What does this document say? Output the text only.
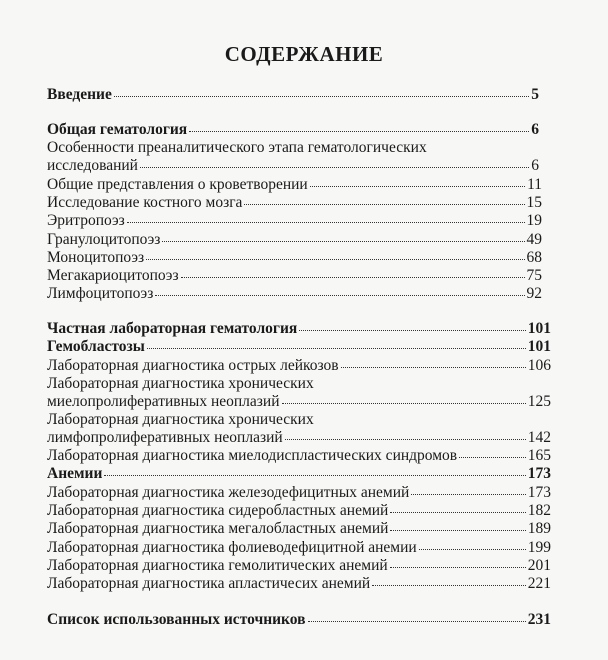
СОДЕРЖАНИЕ
Введение	5
Общая гематология	6
Особенности преаналитического этапа гематологических
исследований	6
Общие представления о кроветворении	11
Исследование костного мозга	15
Эритропоэз	19
Гранулоцитопоэз	49
Моноцитопоэз	68
Мегакариоцитопоэз	75
Лимфоцитопоэз	92
Частная лабораторная гематология	101
Гемобластозы	101
Лабораторная диагностика острых лейкозов	106
Лабораторная диагностика хронических
миелопролиферативных неоплазий	125
Лабораторная диагностика хронических
лимфопролиферативных неоплазий	142
Лабораторная диагностика миелодиспластических синдромов	165
Анемии	173
Лабораторная диагностика железодефицитных анемий	173
Лабораторная диагностика сидеробластных анемий	182
Лабораторная диагностика мегалобластных анемий	189
Лабораторная диагностика фолиеводефицитной анемии	199
Лабораторная диагностика гемолитических анемий	201
Лабораторная диагностика апластичесих анемий	221
Список использованных источников	231
